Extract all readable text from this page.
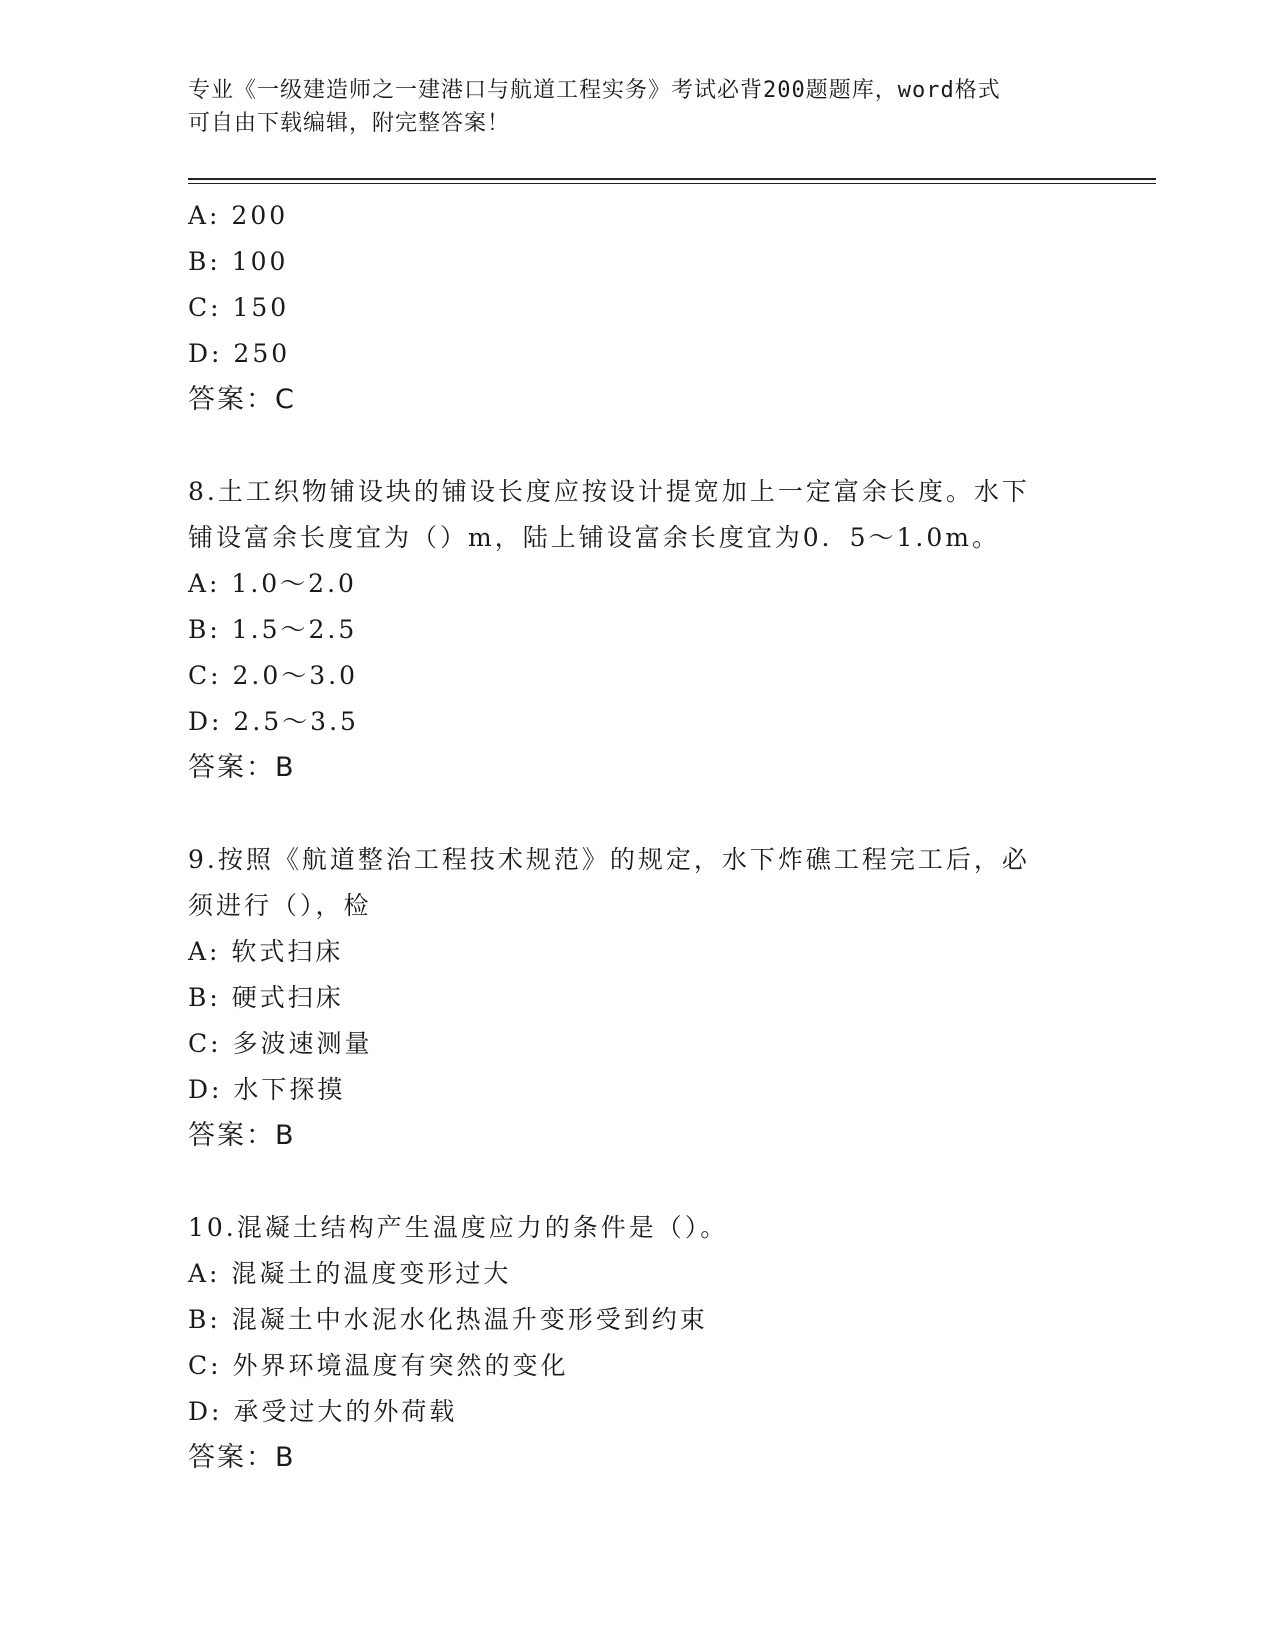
专业《一级建造师之一建港口与航道工程实务》考试必背200题题库，word格式
可自由下载编辑，附完整答案！
A: 200
B: 100
C: 150
D: 250
答案：C
8.土工织物铺设块的铺设长度应按设计提宽加上一定富余长度。水下
铺设富余长度宜为（）m，陆上铺设富余长度宜为0．5～1.0m。
A: 1.0～2.0
B: 1.5～2.5
C: 2.0～3.0
D: 2.5～3.5
答案：B
9.按照《航道整治工程技术规范》的规定，水下炸礁工程完工后，必
须进行（），检
A: 软式扫床
B: 硬式扫床
C: 多波速测量
D: 水下探摸
答案：B
10.混凝土结构产生温度应力的条件是（）。
A: 混凝土的温度变形过大
B: 混凝土中水泥水化热温升变形受到约束
C: 外界环境温度有突然的变化
D: 承受过大的外荷载
答案：B
